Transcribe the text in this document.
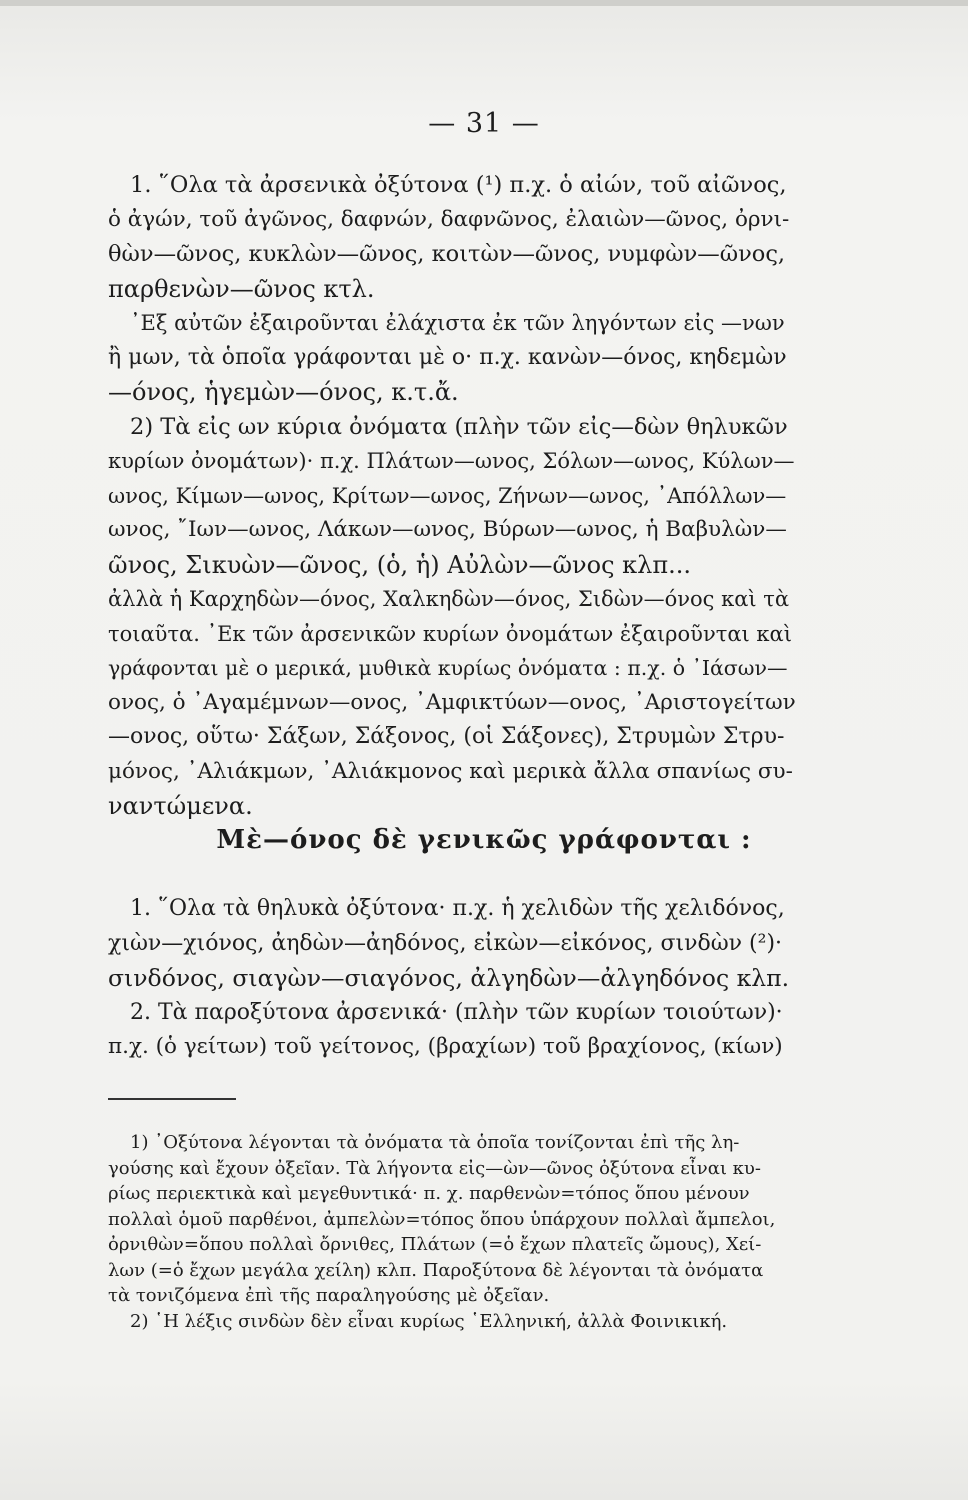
— 31 —
1. ῞Ολα τὰ ἀρσενικὰ ὀξύτονα (¹) π.χ. ὁ αἰών, τοῦ αἰῶνος,
ὁ ἀγών, τοῦ ἀγῶνος, δαφνών, δαφνῶνος, ἐλαιὼν—ῶνος, ὀρνι-
θὼν—ῶνος, κυκλὼν—ῶνος, κοιτὼν—ῶνος, νυμφὼν—ῶνος,
παρθενὼν—ῶνος κτλ.
᾿Εξ αὐτῶν ἐξαιροῦνται ἐλάχιστα ἐκ τῶν ληγόντων εἰς —νων
ἢ μων, τὰ ὁποῖα γράφονται μὲ ο· π.χ. κανὼν—όνος, κηδεμὼν
—όνος, ἡγεμὼν—όνος, κ.τ.ἄ.
2) Τὰ εἰς ων κύρια ὀνόματα (πλὴν τῶν εἰς—δὼν θηλυκῶν
κυρίων ὀνομάτων)· π.χ. Πλάτων—ωνος, Σόλων—ωνος, Κύλων—
ωνος, Κίμων—ωνος, Κρίτων—ωνος, Ζήνων—ωνος, ᾿Απόλλων—
ωνος, ῎Ιων—ωνος, Λάκων—ωνος, Βύρων—ωνος, ἡ Βαβυλὼν—
ῶνος, Σικυὼν—ῶνος, (ὁ, ἡ) Αὐλὼν—ῶνος κλπ...
ἀλλὰ ἡ Καρχηδὼν—όνος, Χαλκηδὼν—όνος, Σιδὼν—όνος καὶ τὰ
τοιαῦτα. ᾿Εκ τῶν ἀρσενικῶν κυρίων ὀνομάτων ἐξαιροῦνται καὶ
γράφονται μὲ ο μερικά, μυθικὰ κυρίως ὀνόματα : π.χ. ὁ ᾿Ιάσων—
ονος, ὁ ᾿Αγαμέμνων—ονος, ᾿Αμφικτύων—ονος, ᾿Αριστογείτων
—ονος, οὕτω· Σάξων, Σάξονος, (οἱ Σάξονες), Στρυμὼν Στρυ-
μόνος, ᾿Αλιάκμων, ᾿Αλιάκμονος καὶ μερικὰ ἄλλα σπανίως συ-
ναντώμενα.
Μὲ—όνος δὲ γενικῶς γράφονται :
1. ῞Ολα τὰ θηλυκὰ ὀξύτονα· π.χ. ἡ χελιδὼν τῆς χελιδόνος,
χιὼν—χιόνος, ἀηδὼν—ἀηδόνος, εἰκὼν—εἰκόνος, σινδὼν (²)·
σινδόνος, σιαγὼν—σιαγόνος, ἀλγηδὼν—ἀλγηδόνος κλπ.
2. Τὰ παροξύτονα ἀρσενικά· (πλὴν τῶν κυρίων τοιούτων)·
π.χ. (ὁ γείτων) τοῦ γείτονος, (βραχίων) τοῦ βραχίονος, (κίων)
1) ᾿Οξύτονα λέγονται τὰ ὀνόματα τὰ ὁποῖα τονίζονται ἐπὶ τῆς λη-
γούσης καὶ ἔχουν ὀξεῖαν. Τὰ λήγοντα εἰς—ὼν—ῶνος ὀξύτονα εἶναι κυ-
ρίως περιεκτικὰ καὶ μεγεθυντικά· π. χ. παρθενὼν=τόπος ὅπου μένουν
πολλαὶ ὁμοῦ παρθένοι, ἀμπελὼν=τόπος ὅπου ὑπάρχουν πολλαὶ ἄμπελοι,
ὀρνιθὼν=ὅπου πολλαὶ ὄρνιθες, Πλάτων (=ὁ ἔχων πλατεῖς ὤμους), Χεί-
λων (=ὁ ἔχων μεγάλα χείλη) κλπ. Παροξύτονα δὲ λέγονται τὰ ὀνόματα
τὰ τονιζόμενα ἐπὶ τῆς παραληγούσης μὲ ὀξεῖαν.
2) ῾Η λέξις σινδὼν δὲν εἶναι κυρίως ῾Ελληνική, ἀλλὰ Φοινικική.
